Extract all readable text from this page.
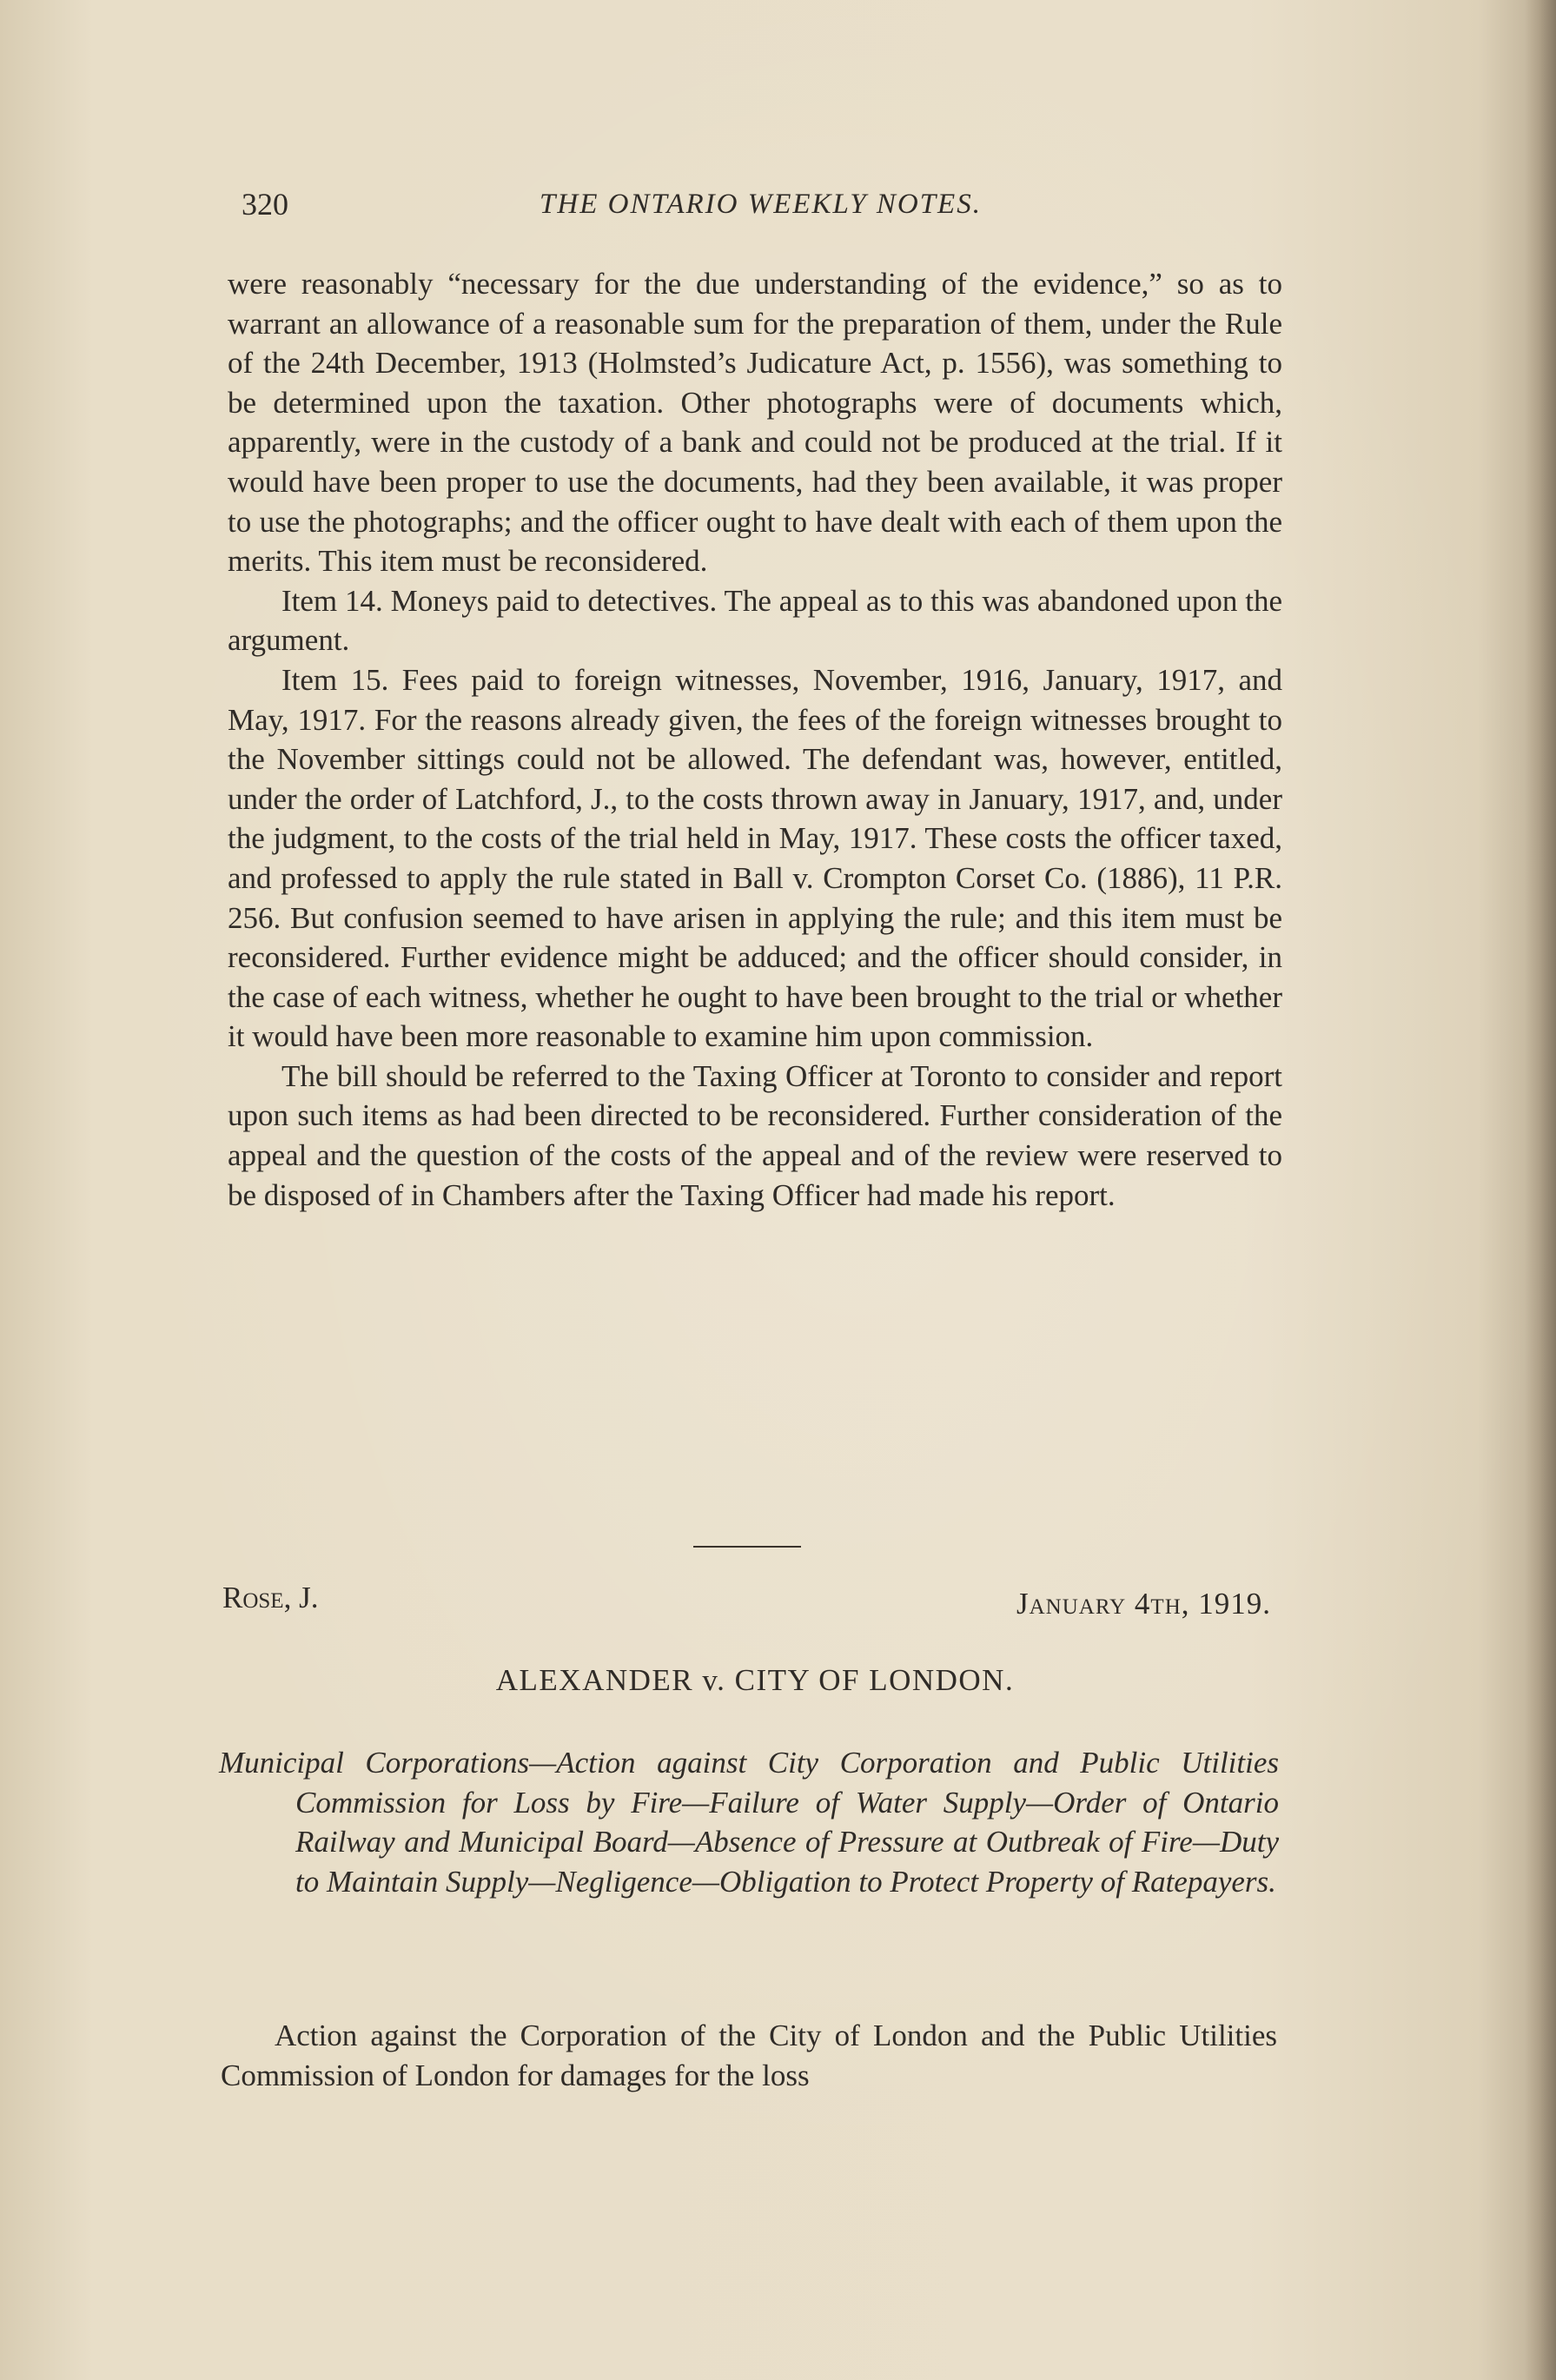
320	THE ONTARIO WEEKLY NOTES.

were reasonably “necessary for the due understanding of the evidence,” so as to warrant an allowance of a reasonable sum for the preparation of them, under the Rule of the 24th December, 1913 (Holmsted’s Judicature Act, p. 1556), was something to be determined upon the taxation. Other photographs were of documents which, apparently, were in the custody of a bank and could not be produced at the trial. If it would have been proper to use the documents, had they been available, it was proper to use the photographs; and the officer ought to have dealt with each of them upon the merits. This item must be reconsidered.

Item 14. Moneys paid to detectives. The appeal as to this was abandoned upon the argument.

Item 15. Fees paid to foreign witnesses, November, 1916, January, 1917, and May, 1917. For the reasons already given, the fees of the foreign witnesses brought to the November sittings could not be allowed. The defendant was, however, entitled, under the order of Latchford, J., to the costs thrown away in January, 1917, and, under the judgment, to the costs of the trial held in May, 1917. These costs the officer taxed, and professed to apply the rule stated in Ball v. Crompton Corset Co. (1886), 11 P.R. 256. But confusion seemed to have arisen in applying the rule; and this item must be reconsidered. Further evidence might be adduced; and the officer should consider, in the case of each witness, whether he ought to have been brought to the trial or whether it would have been more reasonable to examine him upon commission.

The bill should be referred to the Taxing Officer at Toronto to consider and report upon such items as had been directed to be reconsidered. Further consideration of the appeal and the question of the costs of the appeal and of the review were reserved to be disposed of in Chambers after the Taxing Officer had made his report.

Rose, J.	January 4th, 1919.
ALEXANDER v. CITY OF LONDON.
Municipal Corporations—Action against City Corporation and Public Utilities Commission for Loss by Fire—Failure of Water Supply—Order of Ontario Railway and Municipal Board—Absence of Pressure at Outbreak of Fire—Duty to Maintain Supply—Negligence—Obligation to Protect Property of Ratepayers.
Action against the Corporation of the City of London and the Public Utilities Commission of London for damages for the loss
